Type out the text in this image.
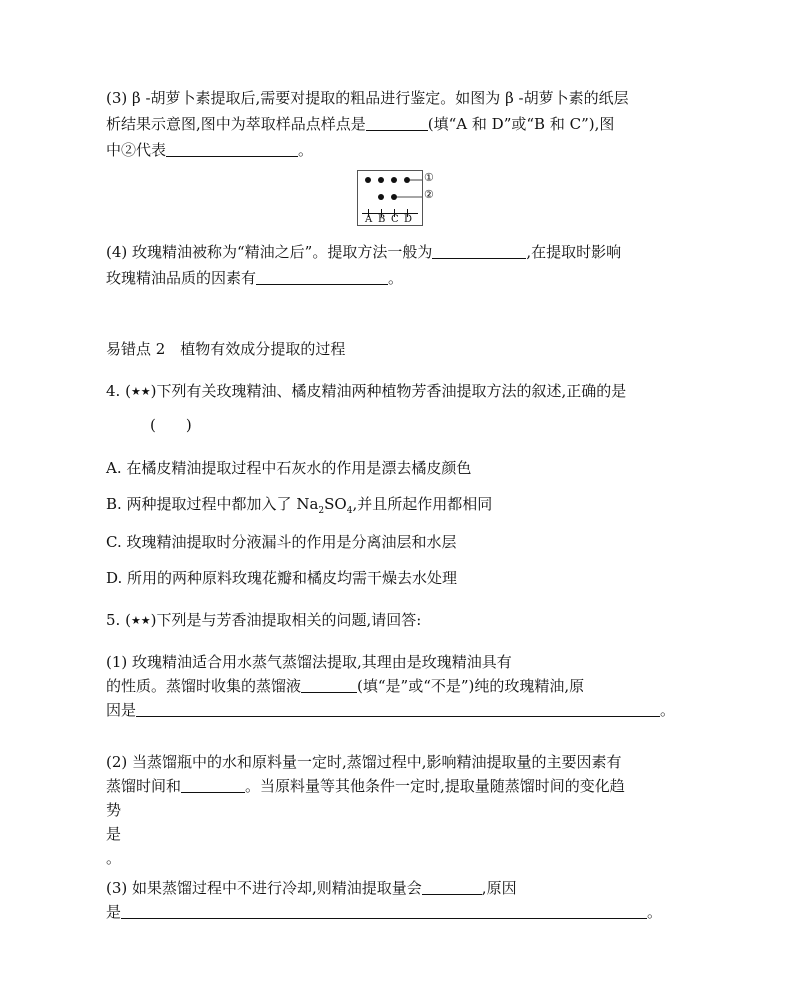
(3) β -胡萝卜素提取后,需要对提取的粗品进行鉴定。如图为 β -胡萝卜素的纸层
析结果示意图,图中为萃取样品点样点是	(填“A 和 D”或“B 和 C”),图
中②代表	。
A B C D
①
②
(4) 玫瑰精油被称为“精油之后”。提取方法一般为	,在提取时影响
玫瑰精油品质的因素有	。
易错点 2　植物有效成分提取的过程
4. (★★)下列有关玫瑰精油、橘皮精油两种植物芳香油提取方法的叙述,正确的是
(　　)
A. 在橘皮精油提取过程中石灰水的作用是漂去橘皮颜色
B. 两种提取过程中都加入了 $Na_2SO_4$,并且所起作用都相同
C. 玫瑰精油提取时分液漏斗的作用是分离油层和水层
D. 所用的两种原料玫瑰花瓣和橘皮均需干燥去水处理
5. (★★)下列是与芳香油提取相关的问题,请回答:
(1) 玫瑰精油适合用水蒸气蒸馏法提取,其理由是玫瑰精油具有
的性质。蒸馏时收集的蒸馏液	(填“是”或“不是”)纯的玫瑰精油,原
因是	。
(2) 当蒸馏瓶中的水和原料量一定时,蒸馏过程中,影响精油提取量的主要因素有
蒸馏时间和	。当原料量等其他条件一定时,提取量随蒸馏时间的变化趋
势
是
。
(3) 如果蒸馏过程中不进行冷却,则精油提取量会	,原因
是	。
